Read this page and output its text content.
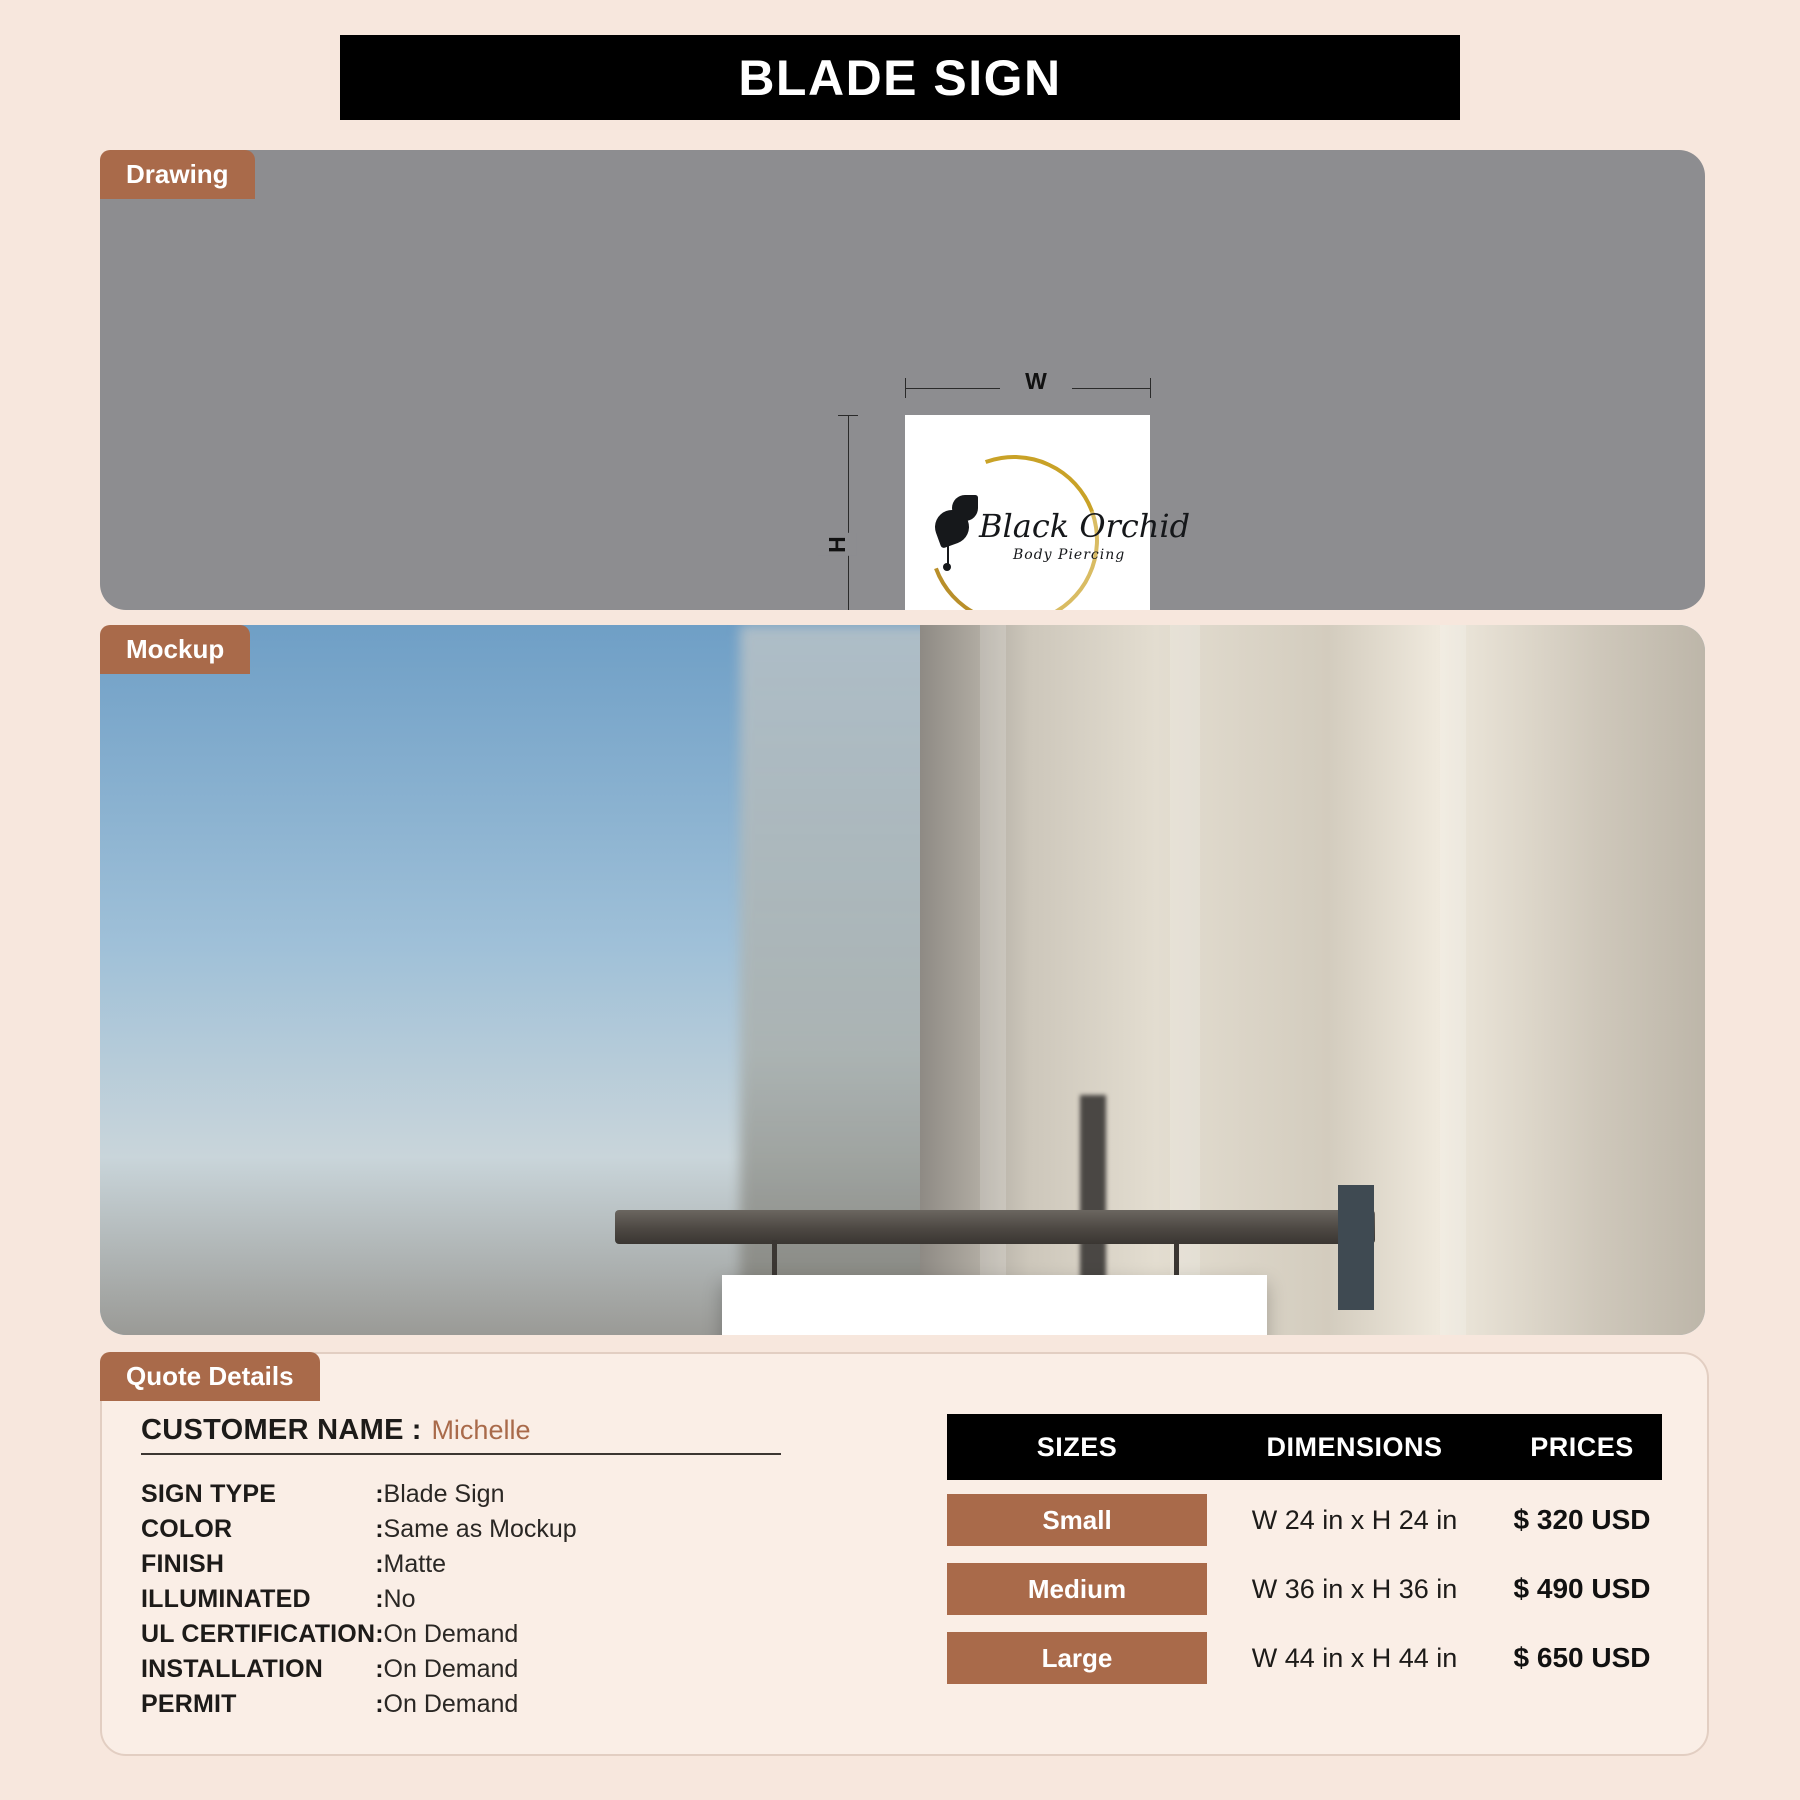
BLADE SIGN
Drawing
W
H	Black Orchid
Body Piercing
Mockup
Quote Details
CUSTOMER NAME : Michelle
SIGN TYPE	:	Blade Sign
COLOR	:	Same as Mockup
FINISH	:	Matte
ILLUMINATED	:	No
UL CERTIFICATION	:	On Demand
INSTALLATION	:	On Demand
PERMIT	:	On Demand
SIZES	DIMENSIONS	PRICES
Small	W 24 in x H 24 in	$ 320 USD
Medium	W 36 in x H 36 in	$ 490 USD
Large	W 44 in x H 44 in	$ 650 USD
